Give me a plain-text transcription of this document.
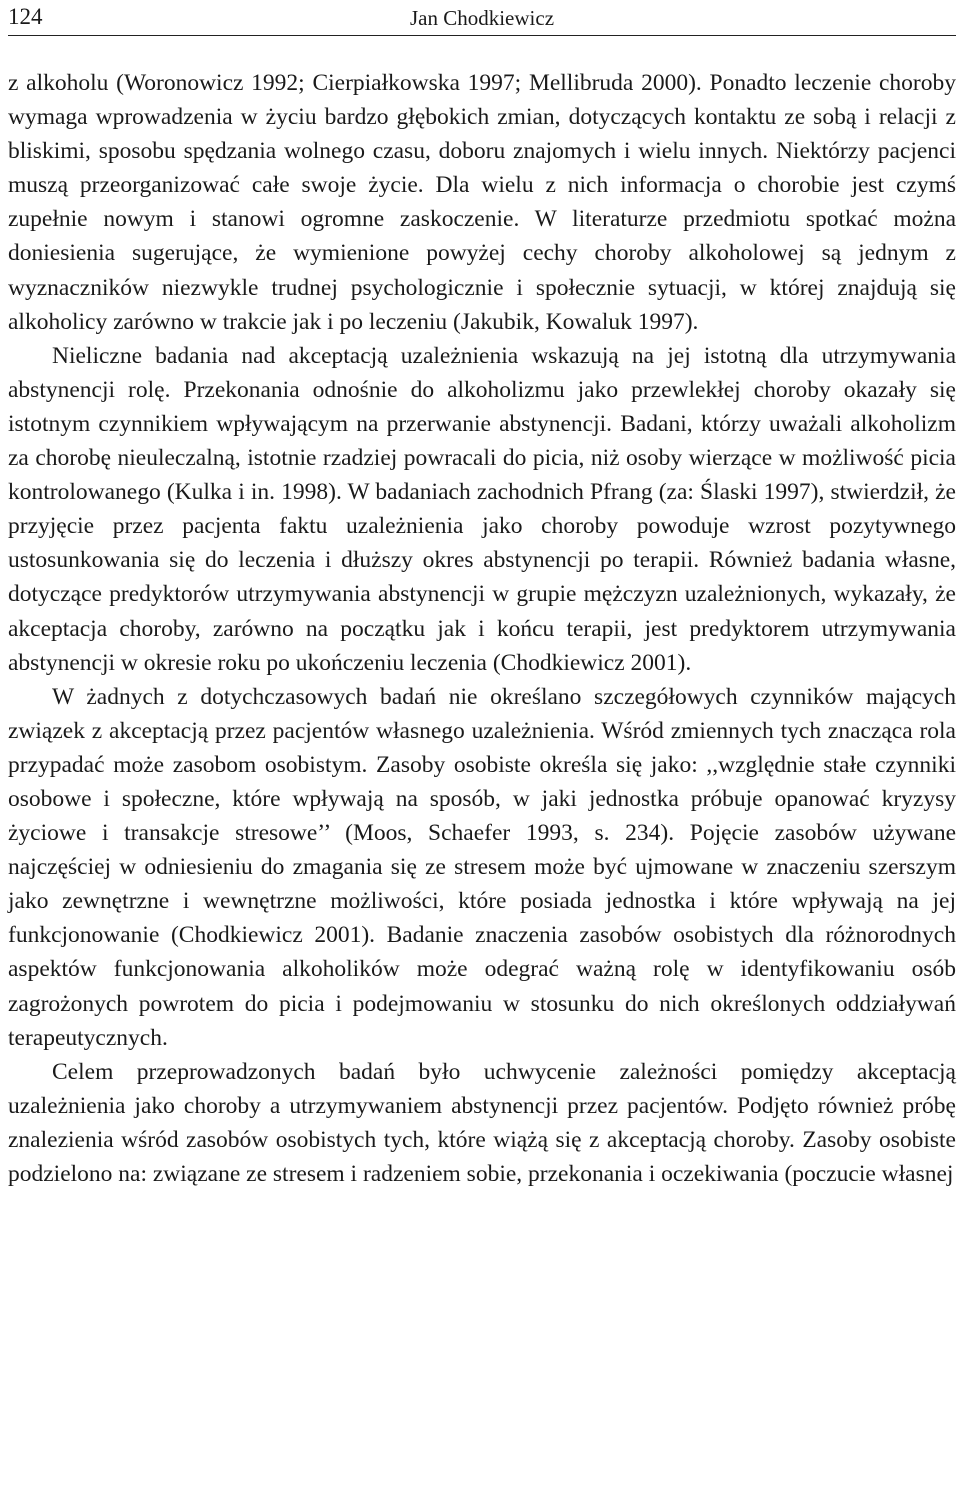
124	Jan Chodkiewicz

z alkoholu (Woronowicz 1992; Cierpiałkowska 1997; Mellibruda 2000). Ponadto leczenie choroby wymaga wprowadzenia w życiu bardzo głębokich zmian, dotyczących kontaktu ze sobą i relacji z bliskimi, sposobu spędzania wolnego czasu, doboru znajomych i wielu innych. Niektórzy pacjenci muszą przeorganizować całe swoje życie. Dla wielu z nich informacja o chorobie jest czymś zupełnie nowym i stanowi ogromne zaskoczenie. W literaturze przedmiotu spotkać można doniesienia sugerujące, że wymienione powyżej cechy choroby alkoholowej są jednym z wyznaczników niezwykle trudnej psychologicznie i społecznie sytuacji, w której znajdują się alkoholicy zarówno w trakcie jak i po leczeniu (Jakubik, Kowaluk 1997).

Nieliczne badania nad akceptacją uzależnienia wskazują na jej istotną dla utrzymywania abstynencji rolę. Przekonania odnośnie do alkoholizmu jako przewlekłej choroby okazały się istotnym czynnikiem wpływającym na przerwanie abstynencji. Badani, którzy uważali alkoholizm za chorobę nieuleczalną, istotnie rzadziej powracali do picia, niż osoby wierzące w możliwość picia kontrolowanego (Kulka i in. 1998). W badaniach zachodnich Pfrang (za: Ślaski 1997), stwierdził, że przyjęcie przez pacjenta faktu uzależnienia jako choroby powoduje wzrost pozytywnego ustosunkowania się do leczenia i dłuższy okres abstynencji po terapii. Również badania własne, dotyczące predyktorów utrzymywania abstynencji w grupie mężczyzn uzależnionych, wykazały, że akceptacja choroby, zarówno na początku jak i końcu terapii, jest predyktorem utrzymywania abstynencji w okresie roku po ukończeniu leczenia (Chodkiewicz 2001).

W żadnych z dotychczasowych badań nie określano szczegółowych czynników mających związek z akceptacją przez pacjentów własnego uzależnienia. Wśród zmiennych tych znacząca rola przypadać może zasobom osobistym. Zasoby osobiste określa się jako: ,,względnie stałe czynniki osobowe i społeczne, które wpływają na sposób, w jaki jednostka próbuje opanować kryzysy życiowe i transakcje stresowe’’ (Moos, Schaefer 1993, s. 234). Pojęcie zasobów używane najczęściej w odniesieniu do zmagania się ze stresem może być ujmowane w znaczeniu szerszym jako zewnętrzne i wewnętrzne możliwości, które posiada jednostka i które wpływają na jej funkcjonowanie (Chodkiewicz 2001). Badanie znaczenia zasobów osobistych dla różnorodnych aspektów funkcjonowania alkoholików może odegrać ważną rolę w identyfikowaniu osób zagrożonych powrotem do picia i podejmowaniu w stosunku do nich określonych oddziaływań terapeutycznych.

Celem przeprowadzonych badań było uchwycenie zależności pomiędzy akceptacją uzależnienia jako choroby a utrzymywaniem abstynencji przez pacjentów. Podjęto również próbę znalezienia wśród zasobów osobistych tych, które wiążą się z akceptacją choroby. Zasoby osobiste podzielono na: związane ze stresem i radzeniem sobie, przekonania i oczekiwania (poczucie własnej
